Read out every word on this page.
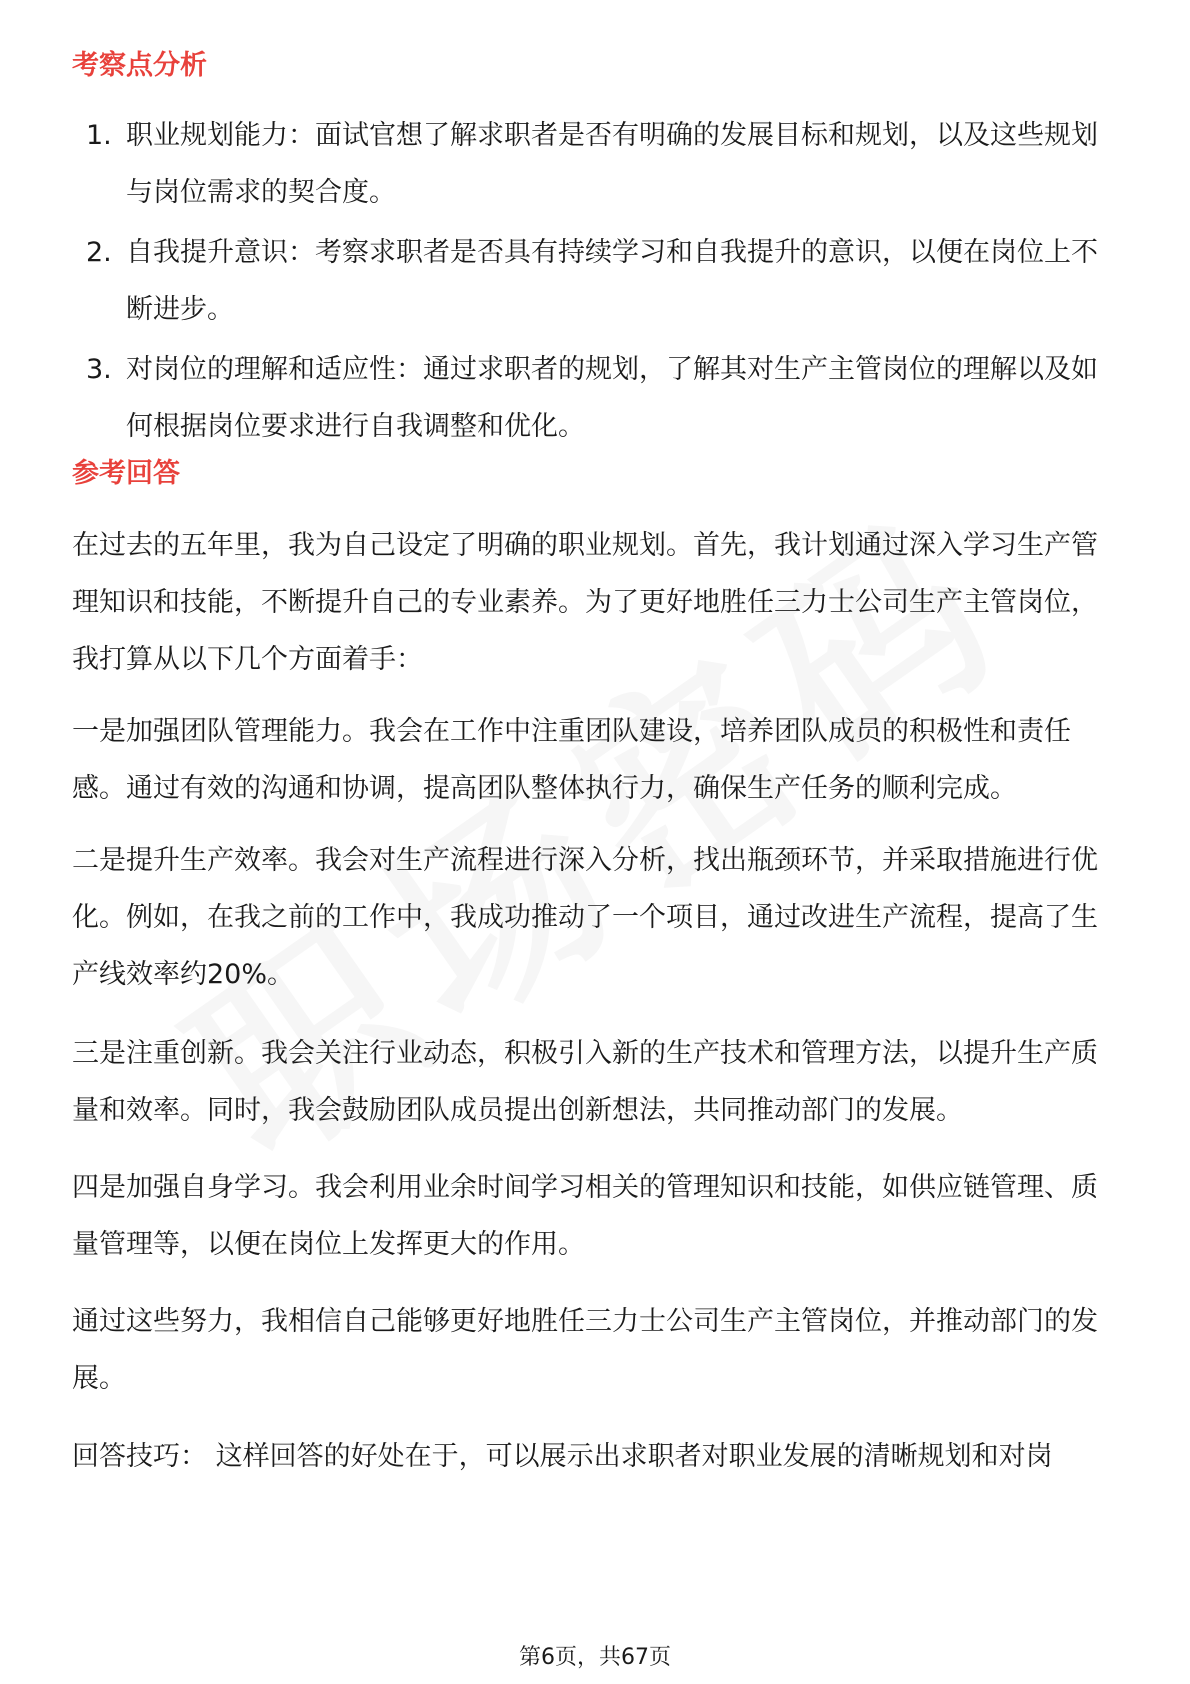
考察点分析
1. 职业规划能力：面试官想了解求职者是否有明确的发展目标和规划，以及这些规划与岗位需求的契合度。
2. 自我提升意识：考察求职者是否具有持续学习和自我提升的意识，以便在岗位上不断进步。
3. 对岗位的理解和适应性：通过求职者的规划，了解其对生产主管岗位的理解以及如何根据岗位要求进行自我调整和优化。
参考回答

在过去的五年里，我为自己设定了明确的职业规划。首先，我计划通过深入学习生产管理知识和技能，不断提升自己的专业素养。为了更好地胜任三力士公司生产主管岗位，我打算从以下几个方面着手：

一是加强团队管理能力。我会在工作中注重团队建设，培养团队成员的积极性和责任感。通过有效的沟通和协调，提高团队整体执行力，确保生产任务的顺利完成。

二是提升生产效率。我会对生产流程进行深入分析，找出瓶颈环节，并采取措施进行优化。例如，在我之前的工作中，我成功推动了一个项目，通过改进生产流程，提高了生产线效率约20%。

三是注重创新。我会关注行业动态，积极引入新的生产技术和管理方法，以提升生产质量和效率。同时，我会鼓励团队成员提出创新想法，共同推动部门的发展。

四是加强自身学习。我会利用业余时间学习相关的管理知识和技能，如供应链管理、质量管理等，以便在岗位上发挥更大的作用。

通过这些努力，我相信自己能够更好地胜任三力士公司生产主管岗位，并推动部门的发展。

回答技巧： 这样回答的好处在于，可以展示出求职者对职业发展的清晰规划和对岗

第6页，共67页
